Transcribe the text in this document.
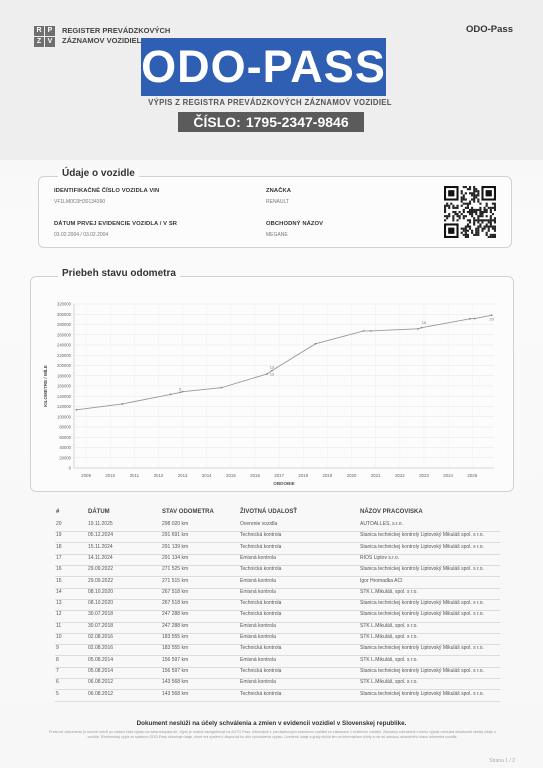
R P
Z V
REGISTER PREVÁDZKOVÝCH
ZÁZNAMOV VOZIDIEL
ODO-Pass
ODO-PASS
VÝPIS Z REGISTRA PREVÁDZKOVÝCH ZÁZNAMOV VOZIDIEL
ČÍSLO: 1795-2347-9846
Údaje o vozidle
IDENTIFIKAČNÉ ČÍSLO VOZIDLA VIN
VF1LM0C0H30134390
DÁTUM PRVEJ EVIDENCIE VOZIDLA / V SR
03.02.2004 / 03.02.2004
ZNAČKA
RENAULT
OBCHODNÝ NÁZOV
MEGANE
Priebeh stavu odometra
0
20000
40000
60000
80000
100000
120000
140000
160000
180000
200000
220000
240000
260000
280000
300000
320000
2009	2010	2011	2012	2013	2014	2015	2016	2017	2018	2019	2020	2021	2022	2023	2024	2025
OBDOBIE
KILOMETRE / MÍLE	5
13
13
15
20
#	DÁTUM	STAV ODOMETRA	ŽIVOTNÁ UDALOSŤ	NÁZOV PRACOVISKA
20	19.11.2025	298 020 km	Overenie vozidla	AUTOALLES, s.r.o.
19	05.12.2024	291 691 km	Technická kontrola	Stanica technickej kontroly Liptovský Mikuláš spol. s r.o.
18	15.11.2024	291 139 km	Technická kontrola	Stanica technickej kontroly Liptovský Mikuláš spol. s r.o.
17	14.11.2024	291 134 km	Emisná kontrola	RIOS Liptov s.r.o.
16	29.09.2022	271 525 km	Technická kontrola	Stanica technickej kontroly Liptovský Mikuláš spol. s r.o.
15	29.09.2022	271 515 km	Emisná kontrola	Igor Hromadka ACI
14	08.10.2020	267 518 km	Emisná kontrola	STK L.Mikuláš, spol. s r.o.
13	08.10.2020	267 518 km	Technická kontrola	Stanica technickej kontroly Liptovský Mikuláš spol. s r.o.
12	30.07.2018	247 288 km	Technická kontrola	Stanica technickej kontroly Liptovský Mikuláš spol. s r.o.
11	30.07.2018	247 288 km	Emisná kontrola	STK L.Mikuláš, spol. s r.o.
10	02.08.2016	183 555 km	Emisná kontrola	STK L.Mikuláš, spol. s r.o.
9	02.08.2016	183 555 km	Technická kontrola	Stanica technickej kontroly Liptovský Mikuláš spol. s r.o.
8	05.08.2014	156 597 km	Emisná kontrola	STK L.Mikuláš, spol. s r.o.
7	05.08.2014	156 597 km	Technická kontrola	Stanica technickej kontroly Liptovský Mikuláš spol. s r.o.
6	06.08.2012	143 568 km	Emisná kontrola	STK L.Mikuláš, spol. s r.o.
5	06.08.2012	143 568 km	Technická kontrola	Stanica technickej kontroly Liptovský Mikuláš spol. s r.o.
Dokument neslúži na účely schválenia a zmien v evidencii vozidiel v Slovenskej republike.
Presnosť dokumentu je možné overiť po zadaní čísla výpisu na www.odopass.sk. Výpis je možné zaregistrovať na AUTO Pass. Informácie z prevádzkových záznamov vozidiel sú získavané z evidencie vozidiel. Záznamy zobrazené v tomto výpise nemusia obsahovať všetky údaje o vozidle. Elektronický výpis zo systému ODO-Pass obsahuje údaje, ktoré má systém k dispozícii ku dňu vyhotovenia výpisu. Uvedené údaje a grafy slúžia len na informatívne účely a nie sú zárukou skutočného stavu odometra vozidla.
Strana 1 / 2
